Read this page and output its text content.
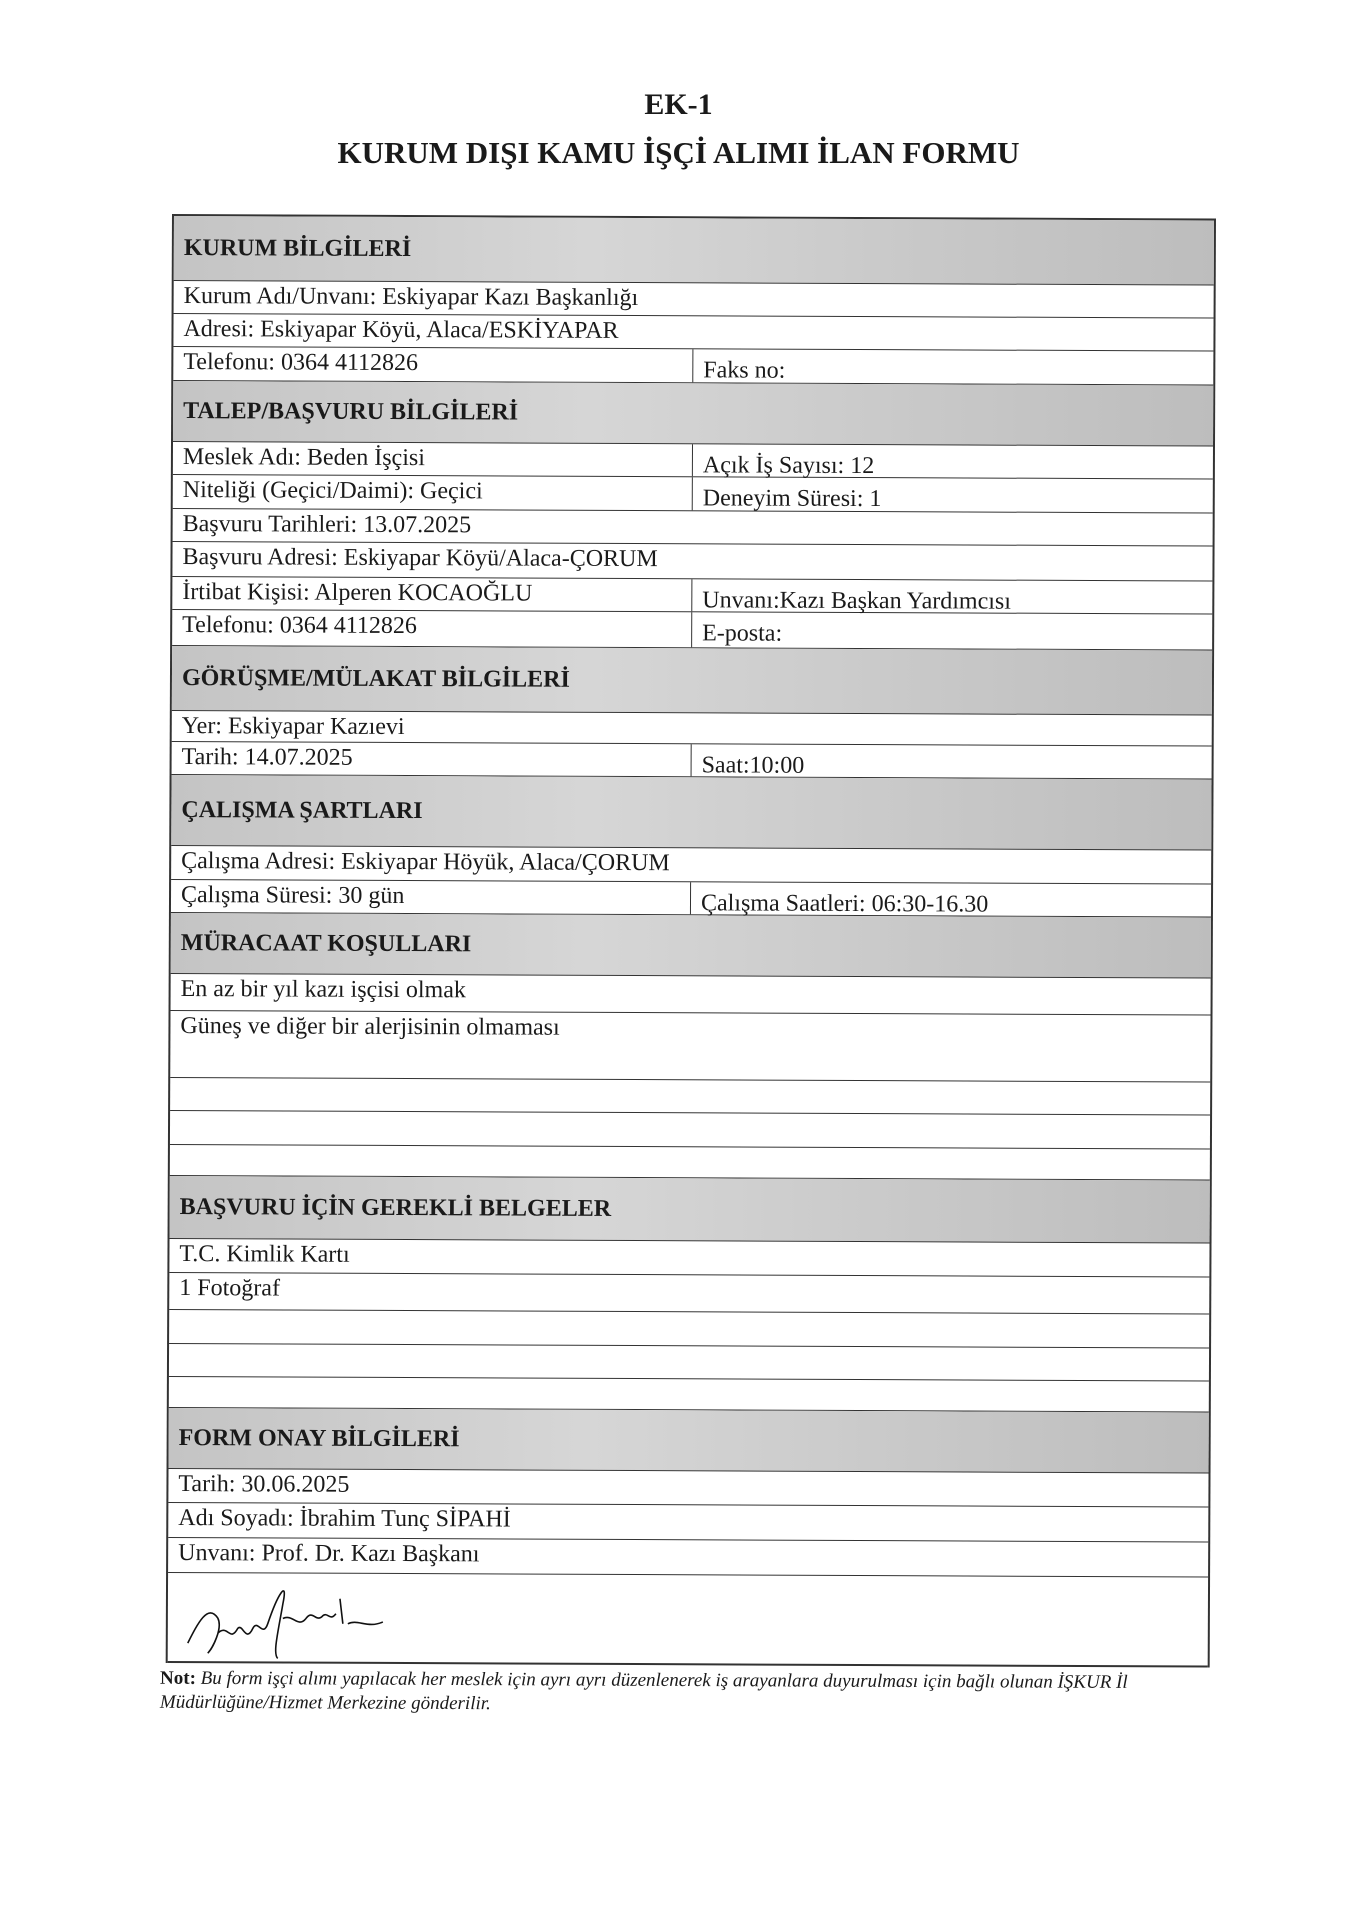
EK-1
KURUM DIŞI KAMU İŞÇİ ALIMI İLAN FORMU
KURUM BİLGİLERİ
Kurum Adı/Unvanı: Eskiyapar Kazı Başkanlığı
Adresi: Eskiyapar Köyü, Alaca/ESKİYAPAR
Telefonu: 0364 4112826	Faks no:
TALEP/BAŞVURU BİLGİLERİ
Meslek Adı: Beden İşçisi	Açık İş Sayısı: 12
Niteliği (Geçici/Daimi): Geçici	Deneyim Süresi: 1
Başvuru Tarihleri: 13.07.2025
Başvuru Adresi: Eskiyapar Köyü/Alaca-ÇORUM
İrtibat Kişisi: Alperen KOCAOĞLU	Unvanı:Kazı Başkan Yardımcısı
Telefonu: 0364 4112826	E-posta:
GÖRÜŞME/MÜLAKAT BİLGİLERİ
Yer: Eskiyapar Kazıevi
Tarih: 14.07.2025	Saat:10:00
ÇALIŞMA ŞARTLARI
Çalışma Adresi: Eskiyapar Höyük, Alaca/ÇORUM
Çalışma Süresi: 30 gün	Çalışma Saatleri: 06:30-16.30
MÜRACAAT KOŞULLARI
En az bir yıl kazı işçisi olmak
Güneş ve diğer bir alerjisinin olmaması
BAŞVURU İÇİN GEREKLİ BELGELER
T.C. Kimlik Kartı
1 Fotoğraf
FORM ONAY BİLGİLERİ
Tarih: 30.06.2025
Adı Soyadı: İbrahim Tunç SİPAHİ
Unvanı: Prof. Dr. Kazı Başkanı
Not: Bu form işçi alımı yapılacak her meslek için ayrı ayrı düzenlenerek iş arayanlara duyurulması için bağlı olunan İŞKUR İl Müdürlüğüne/Hizmet Merkezine gönderilir.
